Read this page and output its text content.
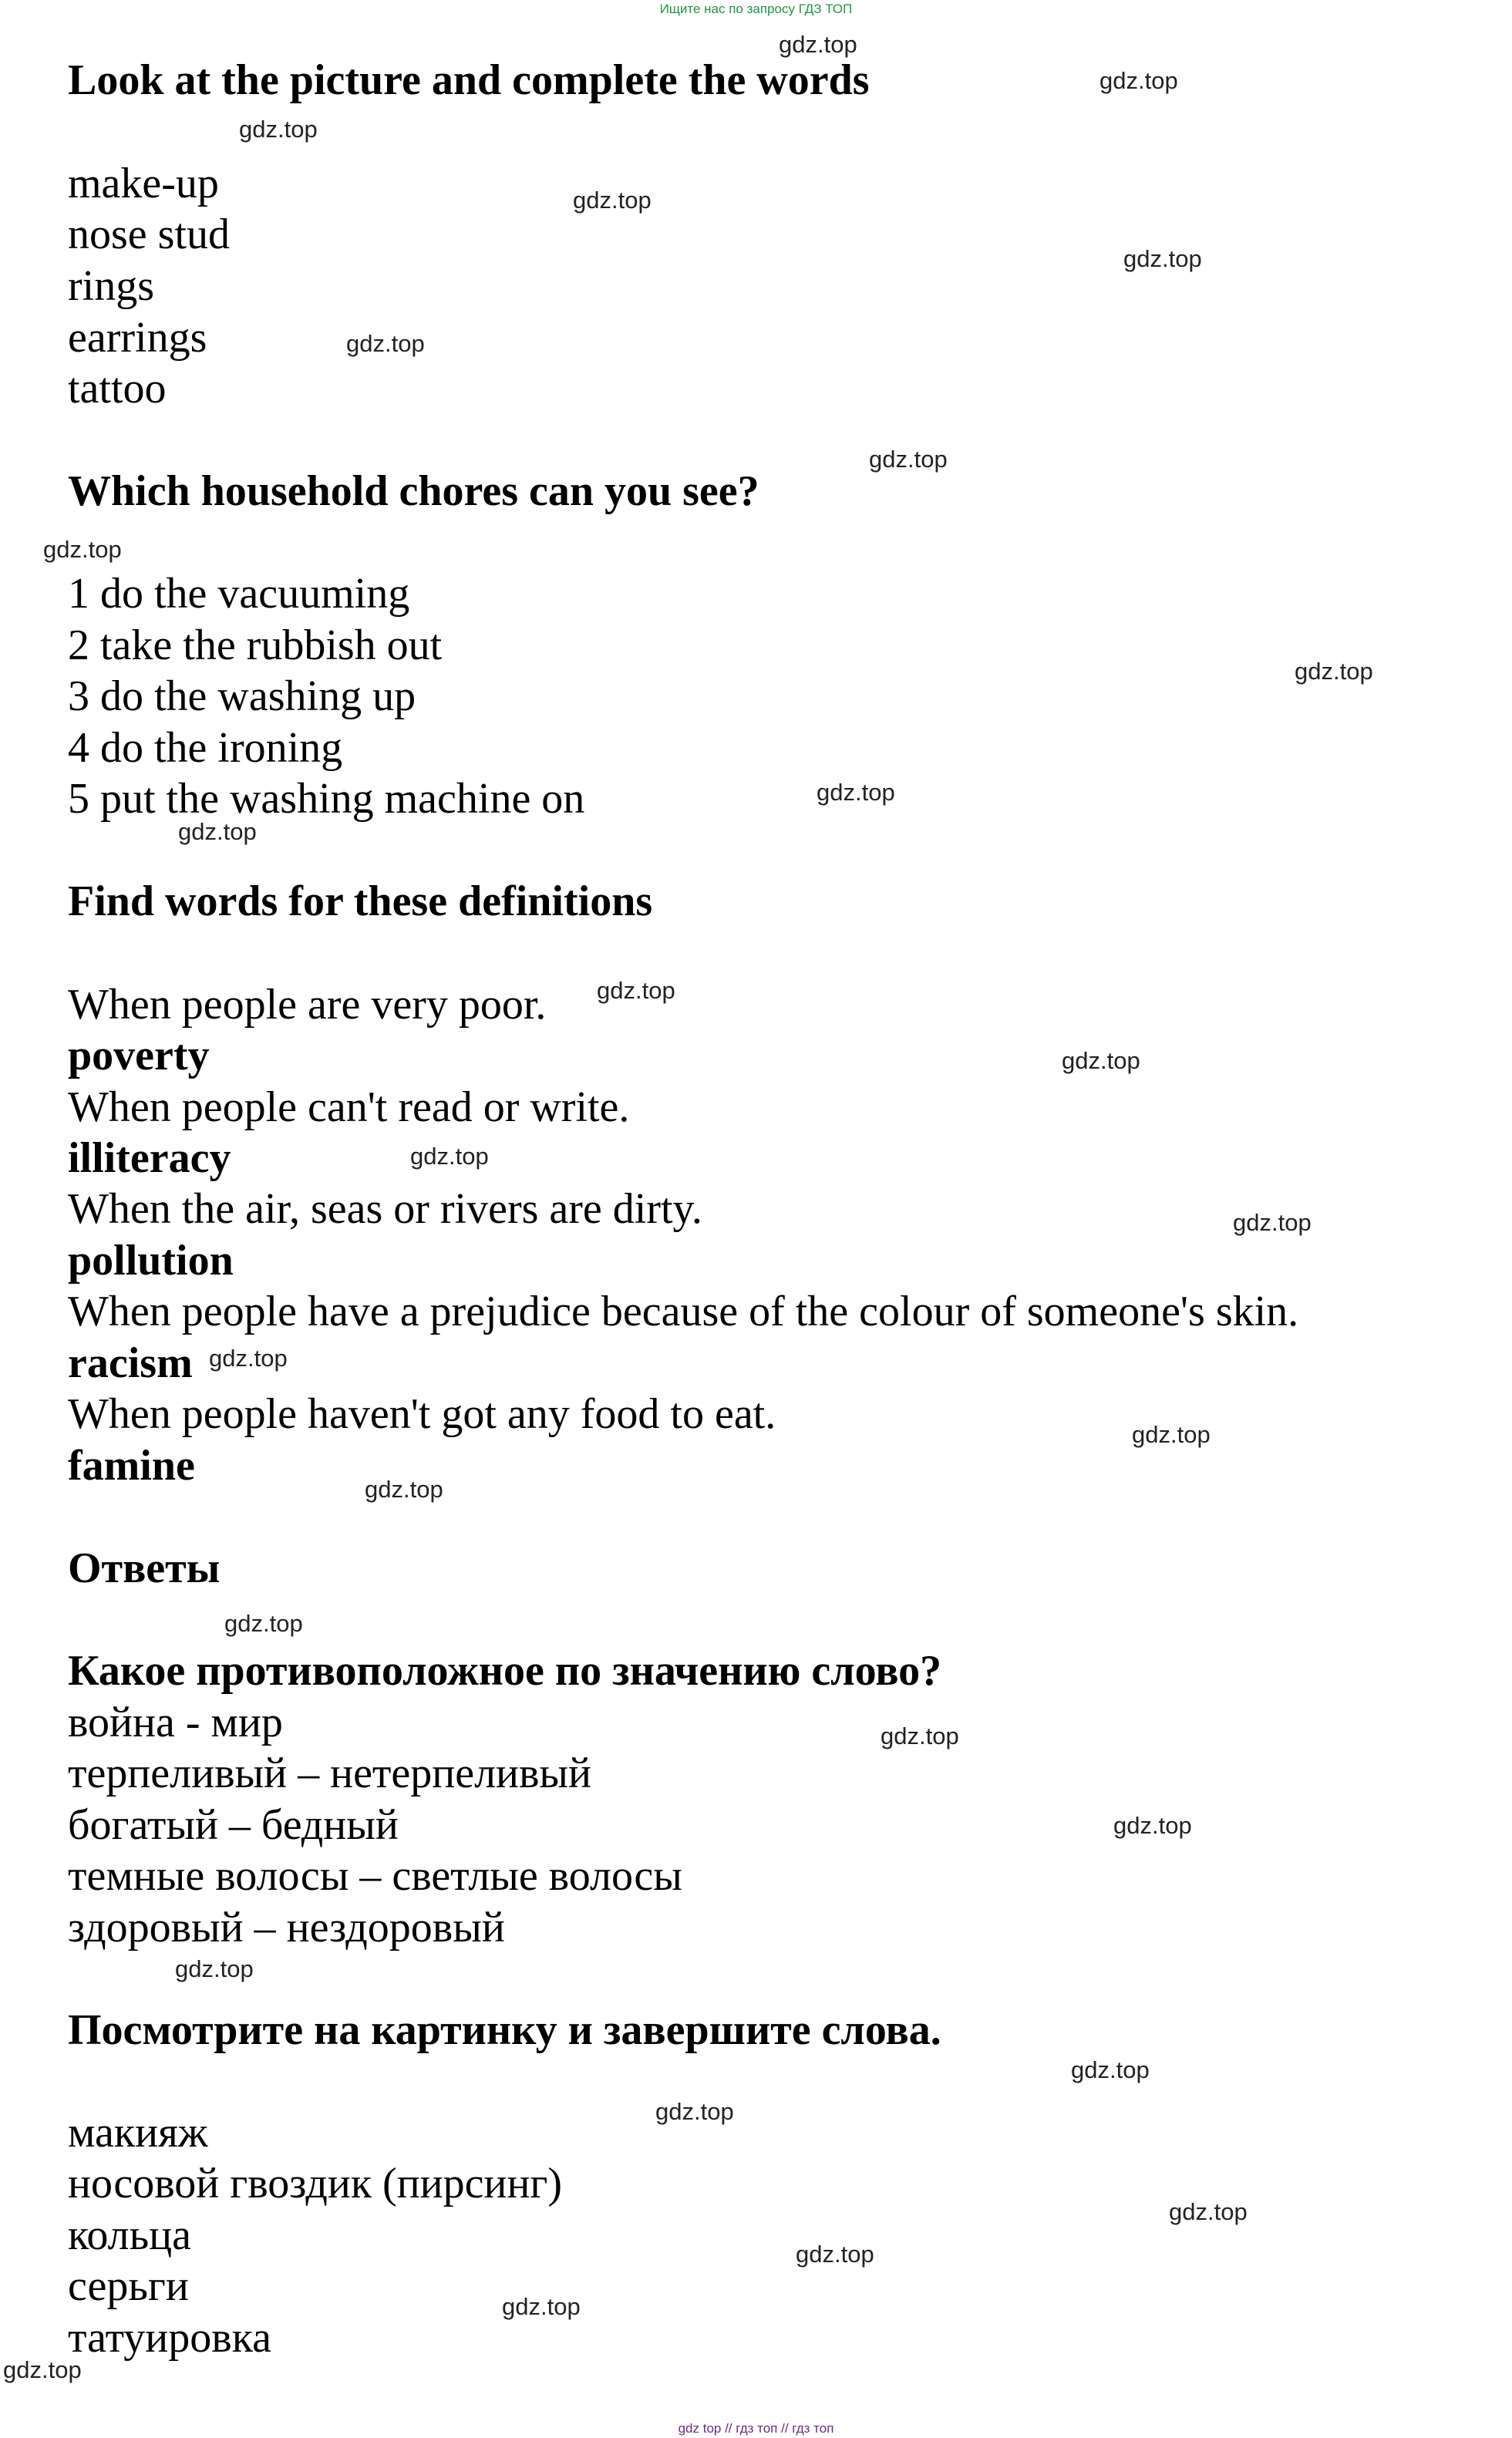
Ищите нас по запросу ГДЗ ТОП
Look at the picture and complete the words
make-up
nose stud
rings
earrings
tattoo
Which household chores can you see?
1 do the vacuuming
2 take the rubbish out
3 do the washing up
4 do the ironing
5 put the washing machine on
Find words for these definitions
When people are very poor.
poverty
When people can't read or write.
illiteracy
When the air, seas or rivers are dirty.
pollution
When people have a prejudice because of the colour of someone's skin.
racism
When people haven't got any food to eat.
famine
Ответы
Какое противоположное по значению слово?
война - мир
терпеливый – нетерпеливый
богатый – бедный
темные волосы – светлые волосы
здоровый – нездоровый
Посмотрите на картинку и завершите слова.
макияж
носовой гвоздик (пирсинг)
кольца
серьги
татуировка
gdz.top
gdz.top
gdz.top
gdz.top
gdz.top
gdz.top
gdz.top
gdz.top
gdz.top
gdz.top
gdz.top
gdz.top
gdz.top
gdz.top
gdz.top
gdz.top
gdz.top
gdz.top
gdz.top
gdz.top
gdz.top
gdz.top
gdz.top
gdz.top
gdz.top
gdz.top
gdz.top
gdz.top
gdz top // гдз топ // гдз топ
